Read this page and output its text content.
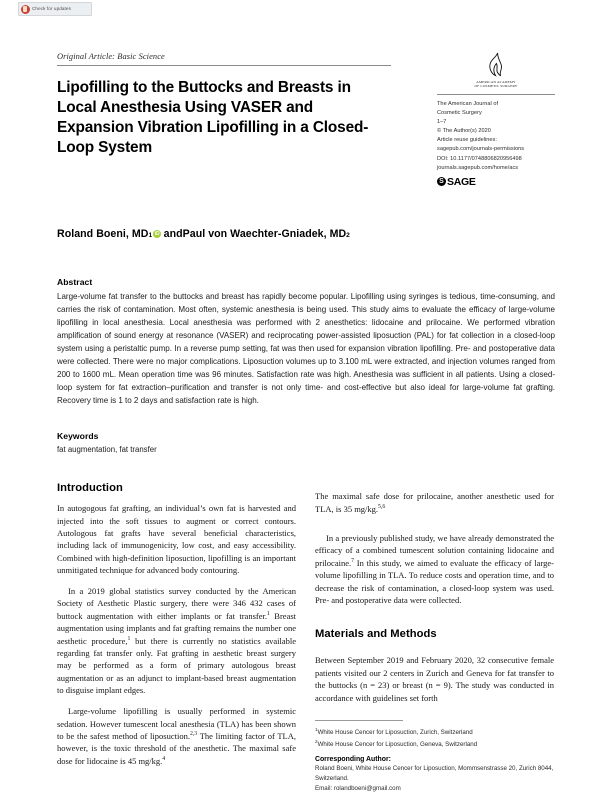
Check for updates
Original Article: Basic Science
Lipofilling to the Buttocks and Breasts in Local Anesthesia Using VASER and Expansion Vibration Lipofilling in a Closed-Loop System
AMERICAN ACADEMY
OF COSMETIC SURGERY
The American Journal of
Cosmetic Surgery
1–7
© The Author(s) 2020
Article reuse guidelines:
sagepub.com/journals-permissions
DOI: 10.1177/0748806820956498
journals.sagepub.com/home/acs
S
SAGE
Roland Boeni, MD 1 iD and Paul von Waechter-Gniadek, MD 2
Abstract
Large-volume fat transfer to the buttocks and breast has rapidly become popular. Lipofilling using syringes is tedious, time-consuming, and carries the risk of contamination. Most often, systemic anesthesia is being used. This study aims to evaluate the efficacy of large-volume lipofilling in local anesthesia. Local anesthesia was performed with 2 anesthetics: lidocaine and prilocaine. We performed vibration amplification of sound energy at resonance (VASER) and reciprocating power-assisted liposuction (PAL) for fat collection in a closed-loop system using a peristaltic pump. In a reverse pump setting, fat was then used for expansion vibration lipofilling. Pre- and postoperative data were collected. There were no major complications. Liposuction volumes up to 3.100 mL were extracted, and injection volumes ranged from 200 to 1600 mL. Mean operation time was 96 minutes. Satisfaction rate was high. Anesthesia was sufficient in all patients. Using a closed-loop system for fat extraction–purification and transfer is not only time- and cost-effective but also ideal for large-volume fat grafting. Recovery time is 1 to 2 days and satisfaction rate is high.
Keywords
fat augmentation, fat transfer
Introduction

In autogogous fat grafting, an individual’s own fat is harvested and injected into the soft tissues to augment or correct contours. Autologous fat grafts have several beneficial characteristics, including lack of immunogenicity, low cost, and easy accessibility. Combined with high-definition liposuction, lipofilling is an important unmitigated technique for advanced body contouring.

In a 2019 global statistics survey conducted by the American Society of Aesthetic Plastic surgery, there were 346 432 cases of buttock augmentation with either implants or fat transfer.$^1$ Breast augmentation using implants and fat grafting remains the number one aesthetic procedure,$^1$ but there is currently no statistics available regarding fat transfer only. Fat grafting in aesthetic breast surgery may be performed as a form of primary autologous breast augmentation or as an adjunct to implant-based breast augmentation to disguise implant edges.

Large-volume lipofilling is usually performed in systemic sedation. However tumescent local anesthesia (TLA) has been shown to be the safest method of liposuction.$^{2,3}$ The limiting factor of TLA, however, is the toxic threshold of the anesthetic. The maximal safe dose for lidocaine is 45 mg/kg.$^4$

The maximal safe dose for prilocaine, another anesthetic used for TLA, is 35 mg/kg.$^{5,6}$

In a previously published study, we have already demonstrated the efficacy of a combined tumescent solution containing lidocaine and prilocaine.$^7$ In this study, we aimed to evaluate the efficacy of large-volume lipofilling in TLA. To reduce costs and operation time, and to decrease the risk of contamination, a closed-loop system was used. Pre- and postoperative data were collected.

Materials and Methods

Between September 2019 and February 2020, 32 consecutive female patients visited our 2 centers in Zurich and Geneva for fat transfer to the buttocks (n = 23) or breast (n = 9). The study was conducted in accordance with guidelines set forth

$^1$White House Cencer for Liposuction, Zurich, Switzerland
$^2$White House Cencer for Liposuction, Geneva, Switzerland
Corresponding Author:
Roland Boeni, White House Cencer for Liposuction, Mommsenstrasse 20, Zurich 8044, Switzerland.
Email: rolandboeni@gmail.com
